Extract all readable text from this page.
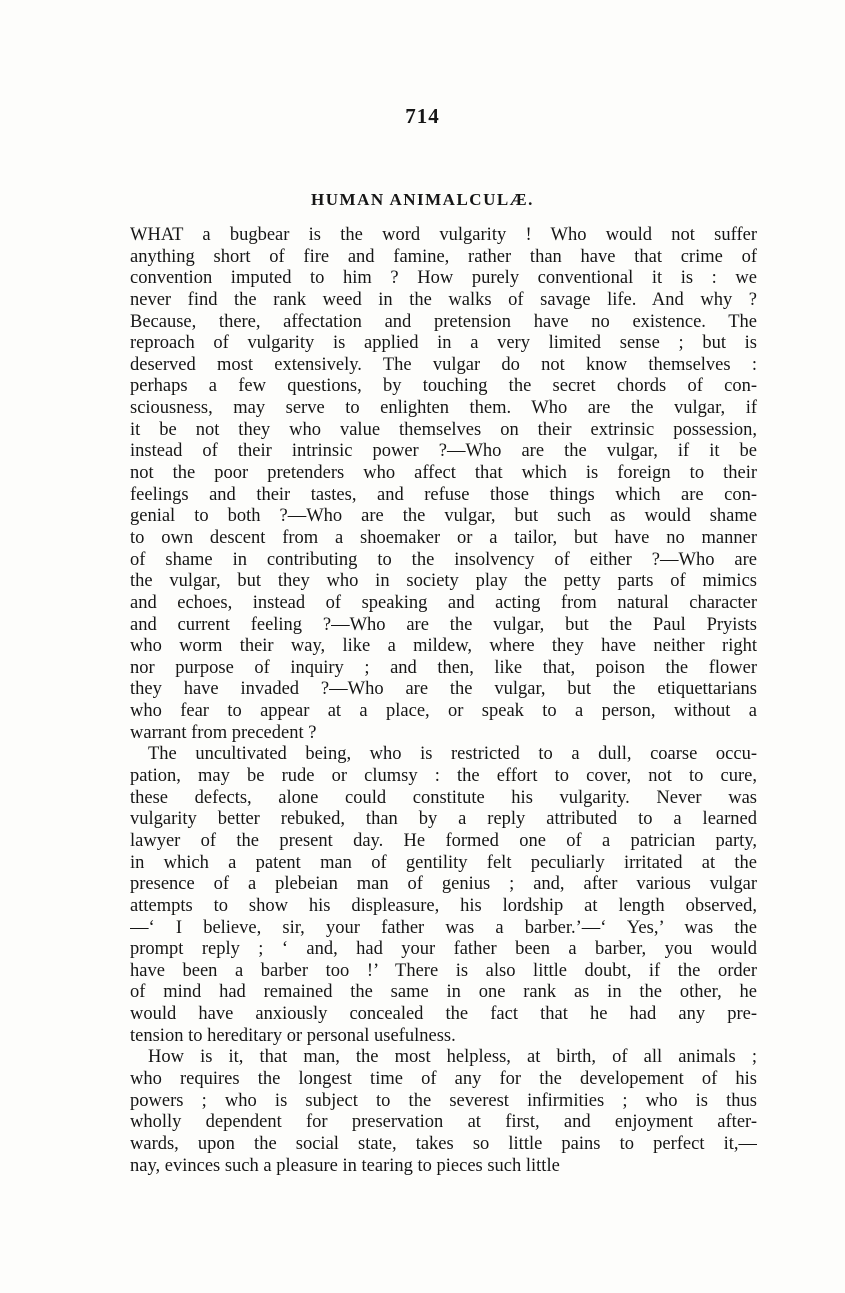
714
HUMAN ANIMALCULÆ.
WHAT a bugbear is the word vulgarity ! Who would not suffer
anything short of fire and famine, rather than have that crime of
convention imputed to him ? How purely conventional it is : we
never find the rank weed in the walks of savage life. And why ?
Because, there, affectation and pretension have no existence. The
reproach of vulgarity is applied in a very limited sense ; but is
deserved most extensively. The vulgar do not know themselves :
perhaps a few questions, by touching the secret chords of con-
sciousness, may serve to enlighten them. Who are the vulgar, if
it be not they who value themselves on their extrinsic possession,
instead of their intrinsic power ?—Who are the vulgar, if it be
not the poor pretenders who affect that which is foreign to their
feelings and their tastes, and refuse those things which are con-
genial to both ?—Who are the vulgar, but such as would shame
to own descent from a shoemaker or a tailor, but have no manner
of shame in contributing to the insolvency of either ?—Who are
the vulgar, but they who in society play the petty parts of mimics
and echoes, instead of speaking and acting from natural character
and current feeling ?—Who are the vulgar, but the Paul Pryists
who worm their way, like a mildew, where they have neither right
nor purpose of inquiry ; and then, like that, poison the flower
they have invaded ?—Who are the vulgar, but the etiquettarians
who fear to appear at a place, or speak to a person, without a
warrant from precedent ?
The uncultivated being, who is restricted to a dull, coarse occu-
pation, may be rude or clumsy : the effort to cover, not to cure,
these defects, alone could constitute his vulgarity. Never was
vulgarity better rebuked, than by a reply attributed to a learned
lawyer of the present day. He formed one of a patrician party,
in which a patent man of gentility felt peculiarly irritated at the
presence of a plebeian man of genius ; and, after various vulgar
attempts to show his displeasure, his lordship at length observed,
—‘ I believe, sir, your father was a barber.’—‘ Yes,’ was the
prompt reply ; ‘ and, had your father been a barber, you would
have been a barber too !’ There is also little doubt, if the order
of mind had remained the same in one rank as in the other, he
would have anxiously concealed the fact that he had any pre-
tension to hereditary or personal usefulness.
How is it, that man, the most helpless, at birth, of all animals ;
who requires the longest time of any for the developement of his
powers ; who is subject to the severest infirmities ; who is thus
wholly dependent for preservation at first, and enjoyment after-
wards, upon the social state, takes so little pains to perfect it,—
nay, evinces such a pleasure in tearing to pieces such little
